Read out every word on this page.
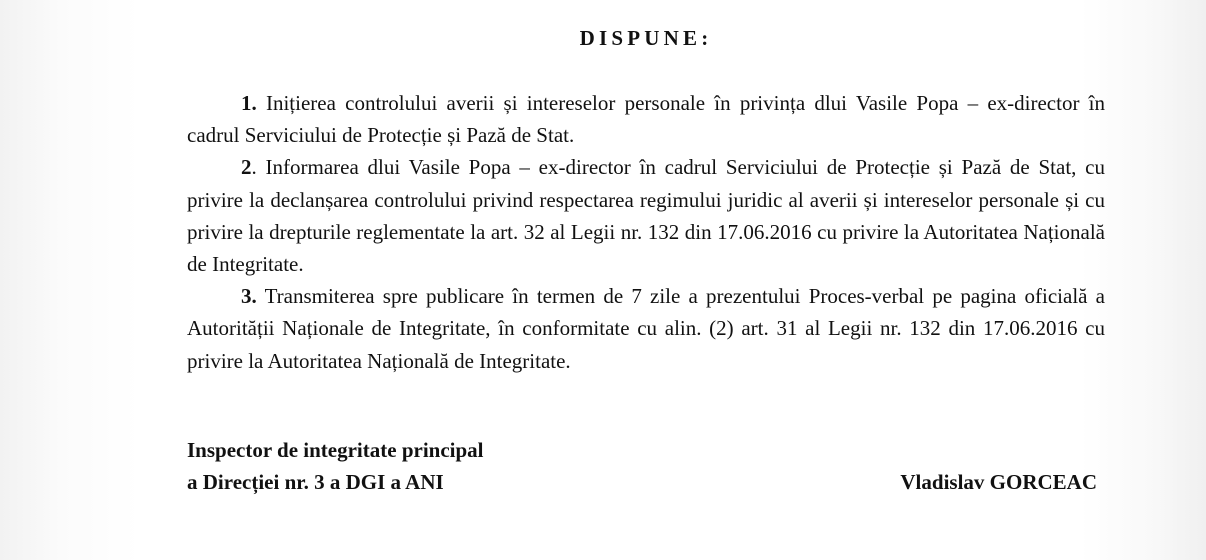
DISPUNE:

1. Inițierea controlului averii și intereselor personale în privința dlui Vasile Popa – ex-director în cadrul Serviciului de Protecție și Pază de Stat.

2. Informarea dlui Vasile Popa – ex-director în cadrul Serviciului de Protecție și Pază de Stat, cu privire la declanșarea controlului privind respectarea regimului juridic al averii și intereselor personale și cu privire la drepturile reglementate la art. 32 al Legii nr. 132 din 17.06.2016 cu privire la Autoritatea Națională de Integritate.

3. Transmiterea spre publicare în termen de 7 zile a prezentului Proces-verbal pe pagina oficială a Autorității Naționale de Integritate, în conformitate cu alin. (2) art. 31 al Legii nr. 132 din 17.06.2016 cu privire la Autoritatea Națională de Integritate.

Inspector de integritate principal
a Direcției nr. 3 a DGI a ANI	Vladislav GORCEAC
